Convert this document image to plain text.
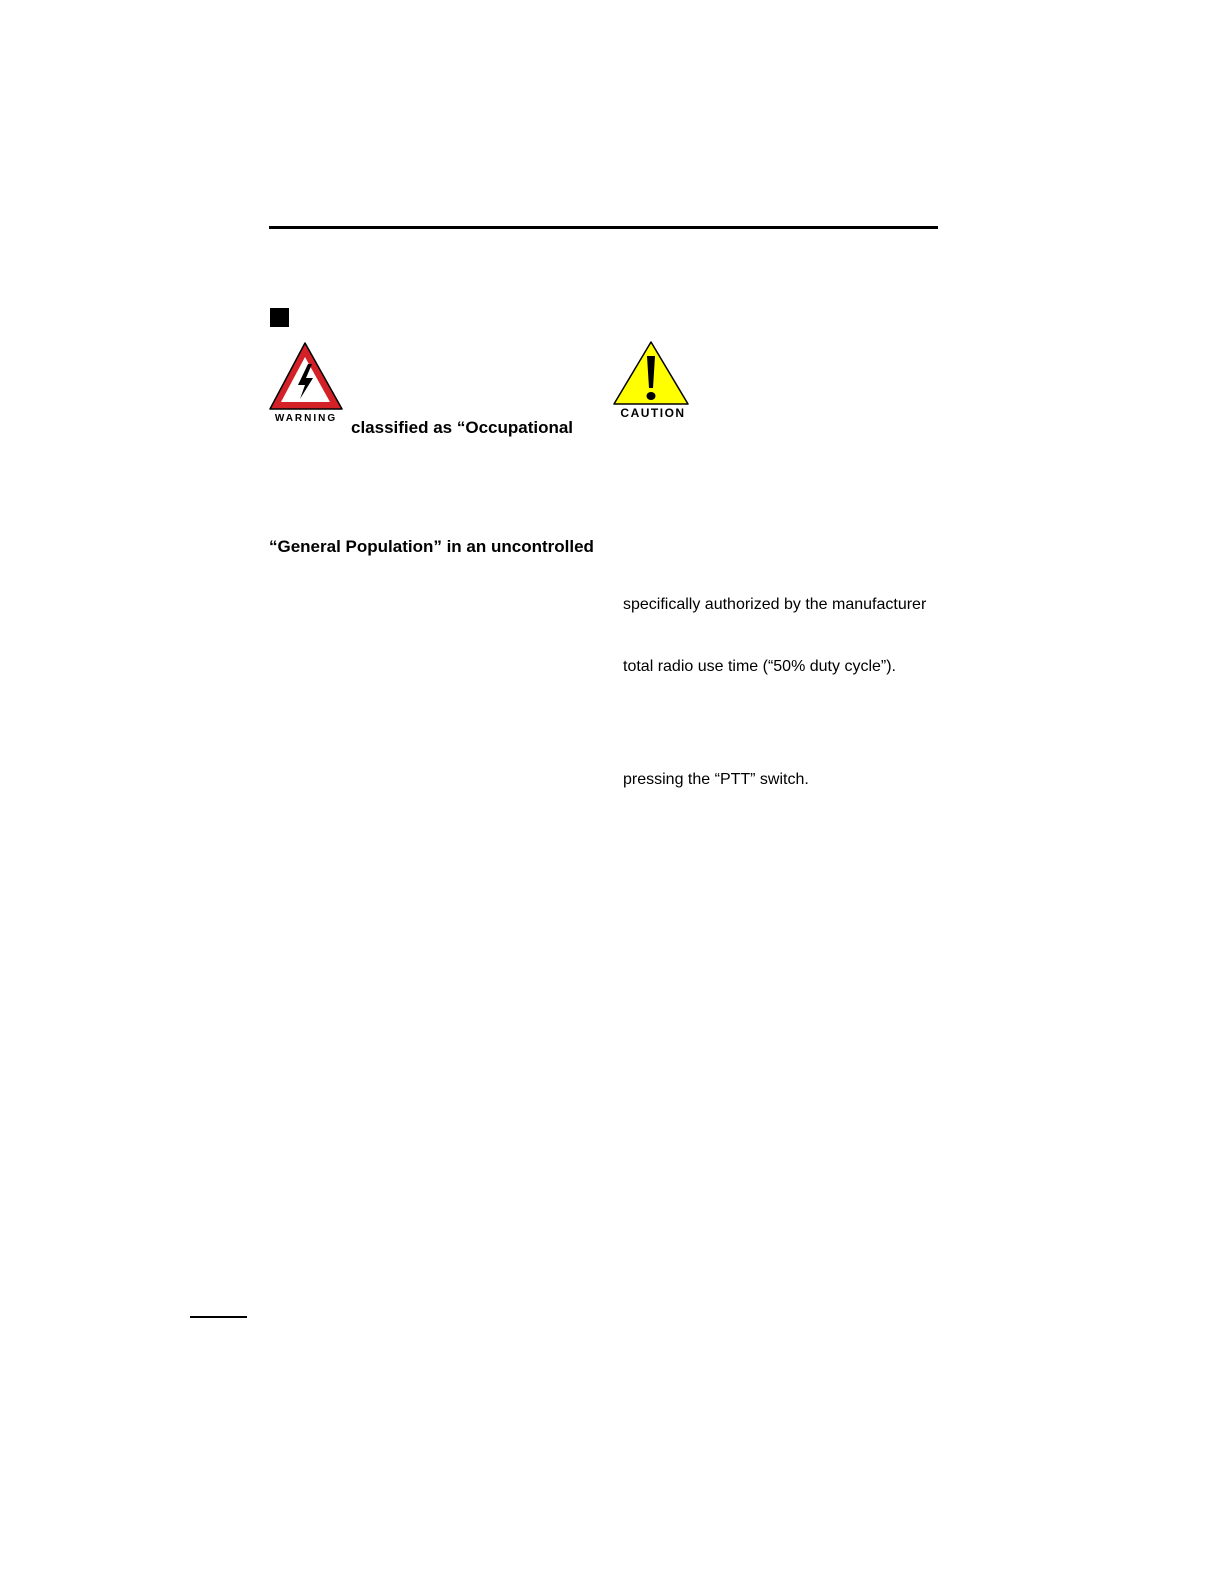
WARNING	CAUTION
classified as “Occupational
“General Population” in an uncontrolled
specifically authorized by the manufacturer
total radio use time (“50% duty cycle”).
pressing the “PTT” switch.
